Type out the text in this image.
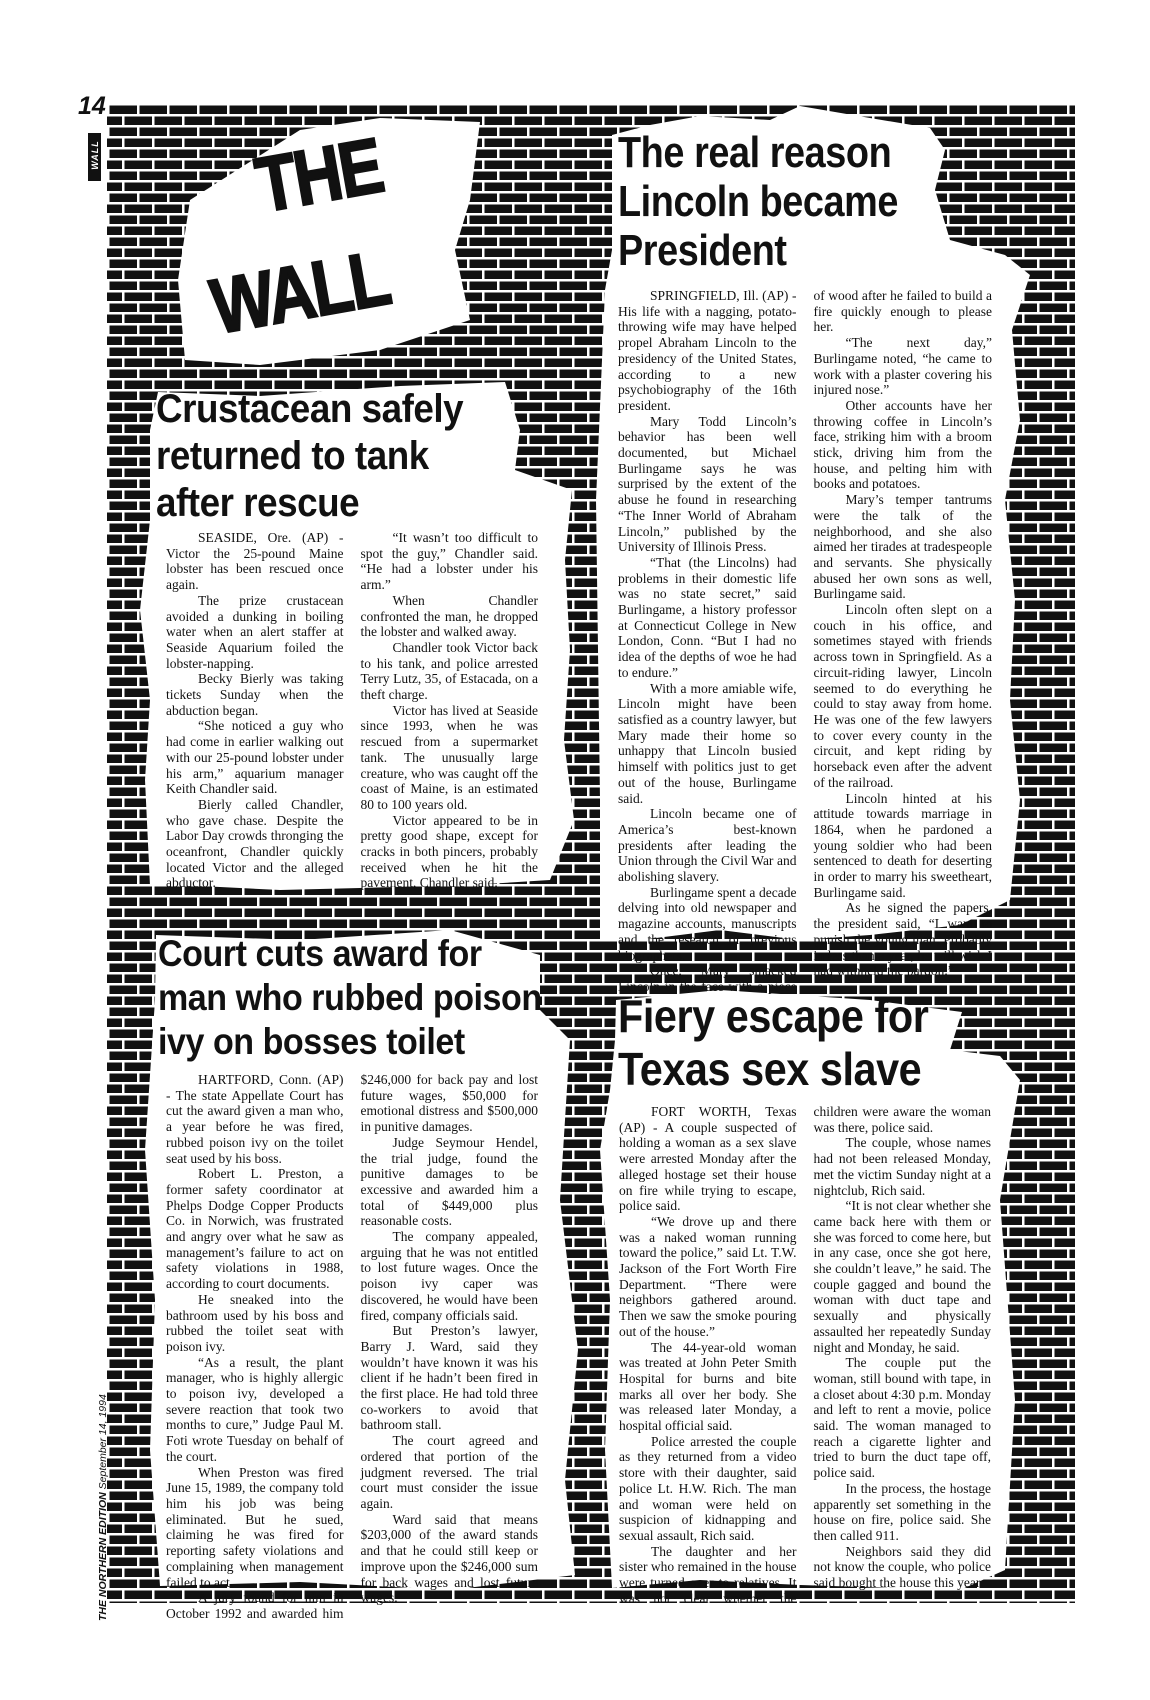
14
WALL
THE NORTHERN EDITION September 14, 1994
THE
WALL
The real reason
Lincoln became
President

SPRINGFIELD, Ill. (AP) - His life with a nagging, potato-throwing wife may have helped propel Abraham Lincoln to the presidency of the United States, according to a new psychobiography of the 16th president.

Mary Todd Lincoln’s behavior has been well documented, but Michael Burlingame says he was surprised by the extent of the abuse he found in researching “The Inner World of Abraham Lincoln,” published by the University of Illinois Press.

“That (the Lincolns) had problems in their domestic life was no state secret,” said Burlingame, a history professor at Connecticut College in New London, Conn. “But I had no idea of the depths of woe he had to endure.”

With a more amiable wife, Lincoln might have been satisfied as a country lawyer, but Mary made their home so unhappy that Lincoln busied himself with politics just to get out of the house, Burlingame said.

Lincoln became one of America’s best-known presidents after leading the Union through the Civil War and abolishing slavery.

Burlingame spent a decade delving into old newspaper and magazine accounts, manuscripts and the research of previous biographers.

Once, Mary smacked Lincoln in the face with a piece of wood after he failed to build a fire quickly enough to please her.

“The next day,” Burlingame noted, “he came to work with a plaster covering his injured nose.”

Other accounts have her throwing coffee in Lincoln’s face, striking him with a broom stick, driving him from the house, and pelting him with books and potatoes.

Mary’s temper tantrums were the talk of the neighborhood, and she also aimed her tirades at tradespeople and servants. She physically abused her own sons as well, Burlingame said.

Lincoln often slept on a couch in his office, and sometimes stayed with friends across town in Springfield. As a circuit-riding lawyer, Lincoln seemed to do everything he could to stay away from home. He was one of the few lawyers to cover every county in the circuit, and kept riding by horseback even after the advent of the railroad.

Lincoln hinted at his attitude towards marriage in 1864, when he pardoned a young soldier who had been sentenced to death for deserting in order to marry his sweetheart, Burlingame said.

As he signed the papers, the president said, “I want to punish the young man. Probably in less than a year, he will wish I had withheld the pardon.”

Crustacean safely
returned to tank
after rescue

SEASIDE, Ore. (AP) - Victor the 25-pound Maine lobster has been rescued once again.

The prize crustacean avoided a dunking in boiling water when an alert staffer at Seaside Aquarium foiled the lobster-napping.

Becky Bierly was taking tickets Sunday when the abduction began.

“She noticed a guy who had come in earlier walking out with our 25-pound lobster under his arm,” aquarium manager Keith Chandler said.

Bierly called Chandler, who gave chase. Despite the Labor Day crowds thronging the oceanfront, Chandler quickly located Victor and the alleged abductor.

“It wasn’t too difficult to spot the guy,” Chandler said. “He had a lobster under his arm.”

When Chandler confronted the man, he dropped the lobster and walked away.

Chandler took Victor back to his tank, and police arrested Terry Lutz, 35, of Estacada, on a theft charge.

Victor has lived at Seaside since 1993, when he was rescued from a supermarket tank. The unusually large creature, who was caught off the coast of Maine, is an estimated 80 to 100 years old.

Victor appeared to be in pretty good shape, except for cracks in both pincers, probably received when he hit the pavement, Chandler said.

Court cuts award for
man who rubbed poison
ivy on bosses toilet

HARTFORD, Conn. (AP) - The state Appellate Court has cut the award given a man who, a year before he was fired, rubbed poison ivy on the toilet seat used by his boss.

Robert L. Preston, a former safety coordinator at Phelps Dodge Copper Products Co. in Norwich, was frustrated and angry over what he saw as management’s failure to act on safety violations in 1988, according to court documents.

He sneaked into the bathroom used by his boss and rubbed the toilet seat with poison ivy.

“As a result, the plant manager, who is highly allergic to poison ivy, developed a severe reaction that took two months to cure,” Judge Paul M. Foti wrote Tuesday on behalf of the court.

When Preston was fired June 15, 1989, the company told him his job was being eliminated. But he sued, claiming he was fired for reporting safety violations and complaining when management failed to act.

A jury found for him in October 1992 and awarded him $246,000 for back pay and lost future wages, $50,000 for emotional distress and $500,000 in punitive damages.

Judge Seymour Hendel, the trial judge, found the punitive damages to be excessive and awarded him a total of $449,000 plus reasonable costs.

The company appealed, arguing that he was not entitled to lost future wages. Once the poison ivy caper was discovered, he would have been fired, company officials said.

But Preston’s lawyer, Barry J. Ward, said they wouldn’t have known it was his client if he hadn’t been fired in the first place. He had told three co-workers to avoid that bathroom stall.

The court agreed and ordered that portion of the judgment reversed. The trial court must consider the issue again.

Ward said that means $203,000 of the award stands and that he could still keep or improve upon the $246,000 sum for back wages and lost future wages.

Fiery escape for
Texas sex slave

FORT WORTH, Texas (AP) - A couple suspected of holding a woman as a sex slave were arrested Monday after the alleged hostage set their house on fire while trying to escape, police said.

“We drove up and there was a naked woman running toward the police,” said Lt. T.W. Jackson of the Fort Worth Fire Department. “There were neighbors gathered around. Then we saw the smoke pouring out of the house.”

The 44-year-old woman was treated at John Peter Smith Hospital for burns and bite marks all over her body. She was released later Monday, a hospital official said.

Police arrested the couple as they returned from a video store with their daughter, said police Lt. H.W. Rich. The man and woman were held on suspicion of kidnapping and sexual assault, Rich said.

The daughter and her sister who remained in the house were turned over to relatives. It was not clear whether the children were aware the woman was there, police said.

The couple, whose names had not been released Monday, met the victim Sunday night at a nightclub, Rich said.

“It is not clear whether she came back here with them or she was forced to come here, but in any case, once she got here, she couldn’t leave,” he said. The couple gagged and bound the woman with duct tape and sexually and physically assaulted her repeatedly Sunday night and Monday, he said.

The couple put the woman, still bound with tape, in a closet about 4:30 p.m. Monday and left to rent a movie, police said. The woman managed to reach a cigarette lighter and tried to burn the duct tape off, police said.

In the process, the hostage apparently set something in the house on fire, police said. She then called 911.

Neighbors said they did not know the couple, who police said bought the house this year.
